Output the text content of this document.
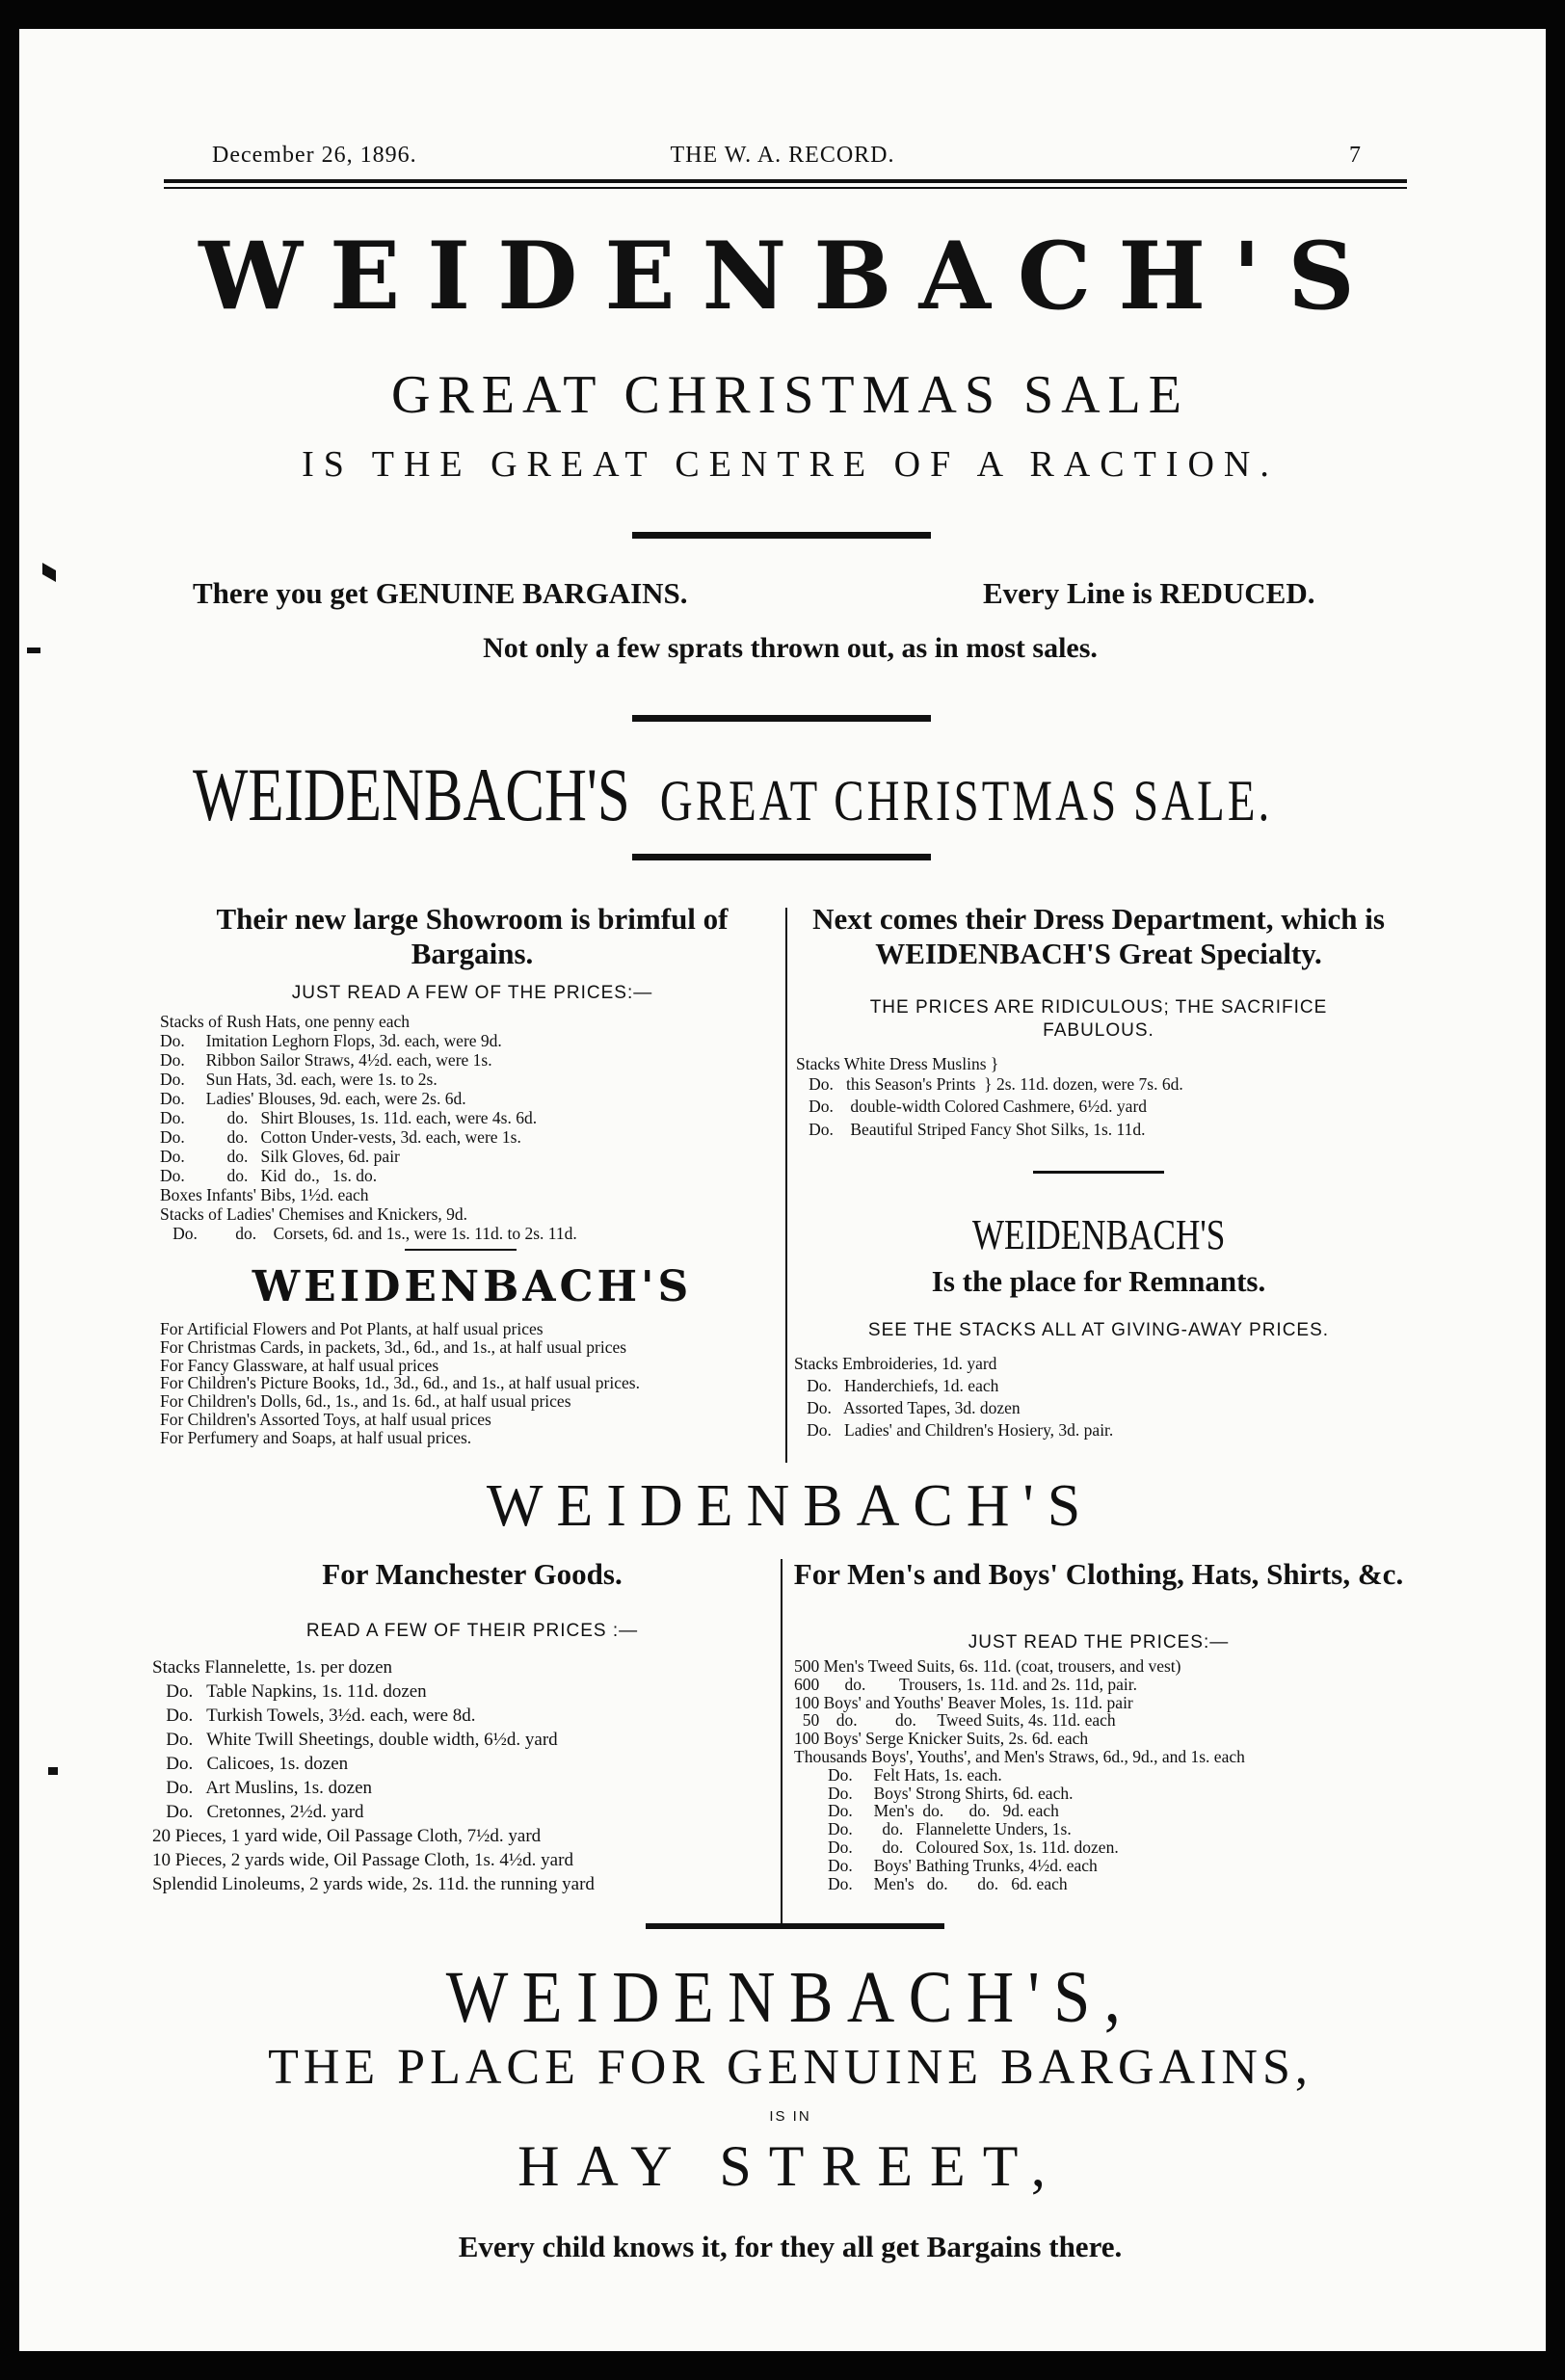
December 26, 1896.	THE W. A. RECORD.	7
WEIDENBACH'S
GREAT CHRISTMAS SALE
IS THE GREAT CENTRE OF A RACTION.
There you get GENUINE BARGAINS.	Every Line is REDUCED.
Not only a few sprats thrown out, as in most sales.
WEIDENBACH'S GREAT CHRISTMAS SALE.
Their new large Showroom is brimful of Bargains.
JUST READ A FEW OF THE PRICES:—
Stacks of Rush Hats, one penny each
Do.     Imitation Leghorn Flops, 3d. each, were 9d.
Do.     Ribbon Sailor Straws, 4½d. each, were 1s.
Do.     Sun Hats, 3d. each, were 1s. to 2s.
Do.     Ladies' Blouses, 9d. each, were 2s. 6d.
Do.          do.   Shirt Blouses, 1s. 11d. each, were 4s. 6d.
Do.          do.   Cotton Under-vests, 3d. each, were 1s.
Do.          do.   Silk Gloves, 6d. pair
Do.          do.   Kid  do.,   1s. do.
Boxes Infants' Bibs, 1½d. each
Stacks of Ladies' Chemises and Knickers, 9d.
Do.         do.    Corsets, 6d. and 1s., were 1s. 11d. to 2s. 11d.
WEIDENBACH'S
For Artificial Flowers and Pot Plants, at half usual prices
For Christmas Cards, in packets, 3d., 6d., and 1s., at half usual prices
For Fancy Glassware, at half usual prices
For Children's Picture Books, 1d., 3d., 6d., and 1s., at half usual prices.
For Children's Dolls, 6d., 1s., and 1s. 6d., at half usual prices
For Children's Assorted Toys, at half usual prices
For Perfumery and Soaps, at half usual prices.
Next comes their Dress Department, which is WEIDENBACH'S Great Specialty.
THE PRICES ARE RIDICULOUS; THE SACRIFICE FABULOUS.
Stacks White Dress Muslins }
Do.   this Season's Prints  } 2s. 11d. dozen, were 7s. 6d.
Do.    double-width Colored Cashmere, 6½d. yard
Do.    Beautiful Striped Fancy Shot Silks, 1s. 11d.
WEIDENBACH'S
Is the place for Remnants.
SEE THE STACKS ALL AT GIVING-AWAY PRICES.
Stacks Embroideries, 1d. yard
Do.   Handerchiefs, 1d. each
Do.   Assorted Tapes, 3d. dozen
Do.   Ladies' and Children's Hosiery, 3d. pair.
WEIDENBACH'S
For Manchester Goods.
READ A FEW OF THEIR PRICES :—
Stacks Flannelette, 1s. per dozen
Do.   Table Napkins, 1s. 11d. dozen
Do.   Turkish Towels, 3½d. each, were 8d.
Do.   White Twill Sheetings, double width, 6½d. yard
Do.   Calicoes, 1s. dozen
Do.   Art Muslins, 1s. dozen
Do.   Cretonnes, 2½d. yard
20 Pieces, 1 yard wide, Oil Passage Cloth, 7½d. yard
10 Pieces, 2 yards wide, Oil Passage Cloth, 1s. 4½d. yard
Splendid Linoleums, 2 yards wide, 2s. 11d. the running yard
For Men's and Boys' Clothing, Hats, Shirts, &c.
JUST READ THE PRICES:—
500 Men's Tweed Suits, 6s. 11d. (coat, trousers, and vest)
600      do.        Trousers, 1s. 11d. and 2s. 11d, pair.
100 Boys' and Youths' Beaver Moles, 1s. 11d. pair
50    do.         do.     Tweed Suits, 4s. 11d. each
100 Boys' Serge Knicker Suits, 2s. 6d. each
Thousands Boys', Youths', and Men's Straws, 6d., 9d., and 1s. each
Do.     Felt Hats, 1s. each.
Do.     Boys' Strong Shirts, 6d. each.
Do.     Men's  do.      do.   9d. each
Do.       do.   Flannelette Unders, 1s.
Do.       do.   Coloured Sox, 1s. 11d. dozen.
Do.     Boys' Bathing Trunks, 4½d. each
Do.     Men's   do.       do.   6d. each
WEIDENBACH'S,
THE PLACE FOR GENUINE BARGAINS,
IS IN
HAY STREET,
Every child knows it, for they all get Bargains there.
